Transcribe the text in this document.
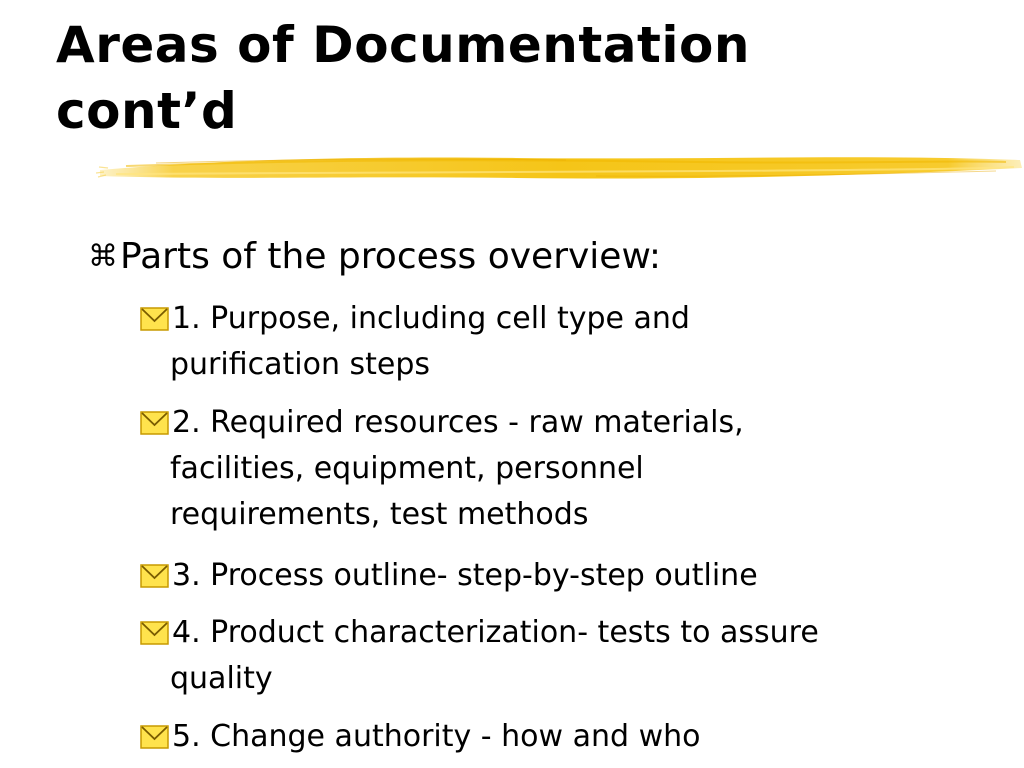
Areas of Documentation
cont’d
⌘ Parts of the process overview:
1. Purpose, including cell type and
purification steps
2. Required resources - raw materials,
facilities, equipment, personnel
requirements, test methods
3. Process outline- step-by-step outline
4. Product characterization- tests to assure
quality
5. Change authority - how and who
